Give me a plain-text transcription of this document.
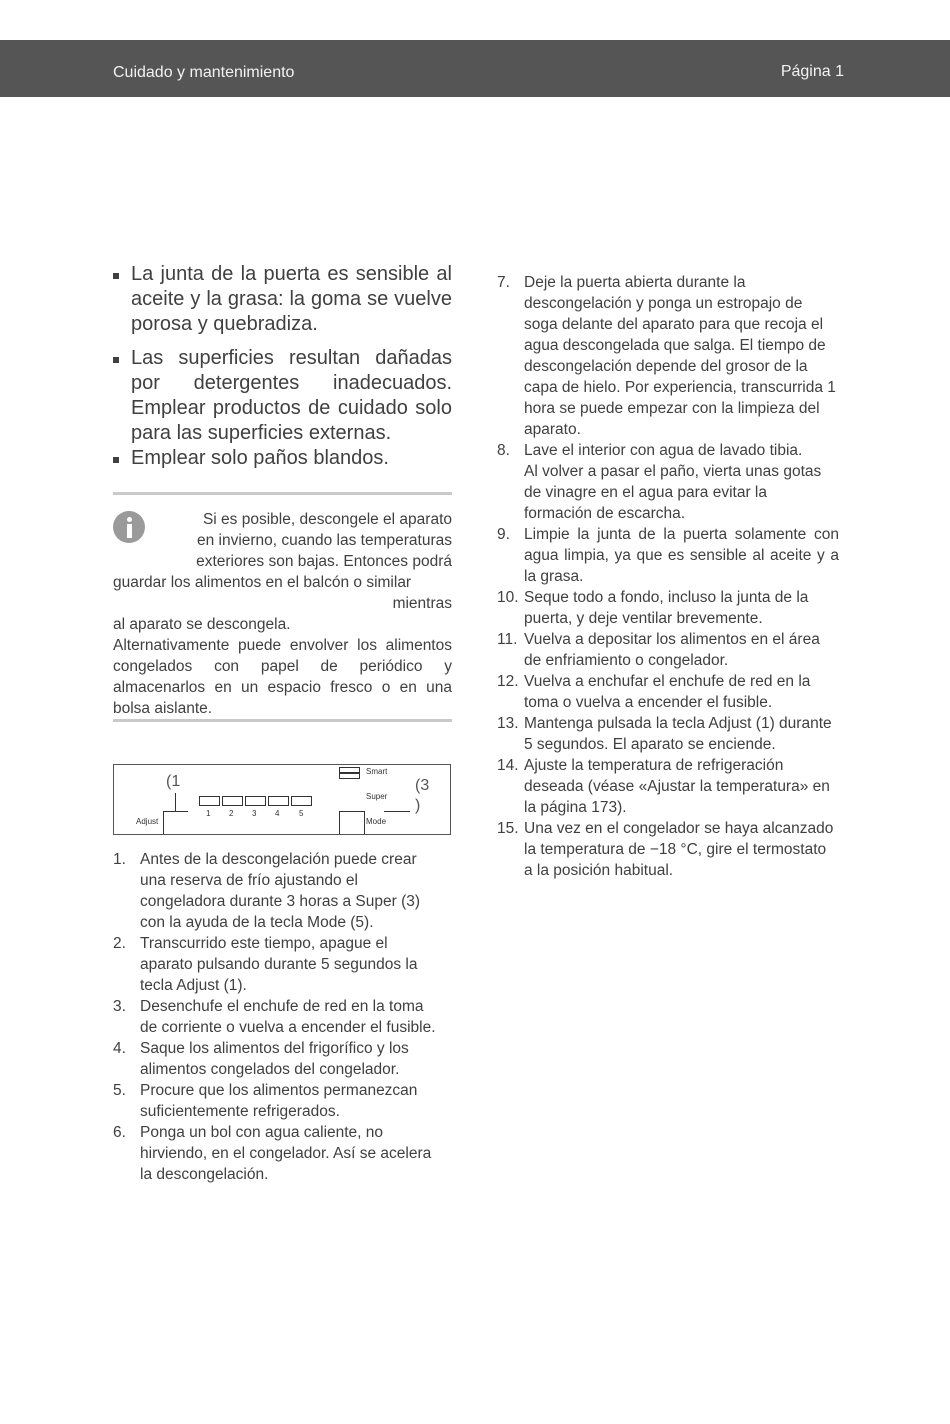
Cuidado y mantenimiento	Página 1
La junta de la puerta es sensible al aceite y la grasa: la goma se vuelve porosa y quebradiza.
Las superficies resultan dañadas por detergentes inadecuados. Emplear productos de cuidado solo para las superficies externas.
Emplear solo paños blandos.
Si es posible, descongele el aparato
en invierno, cuando las temperaturas
exteriores son bajas. Entonces podrá
guardar los alimentos en el balcón o similar
mientras
al aparato se descongela.
Alternativamente puede envolver los alimentos congelados con papel de periódico y almacenarlos en un espacio fresco o en una bolsa aislante.
(1
Adjust
1 2 3 4 5
Smart
Super
Mode
(3
)
1. Antes de la descongelación puede crear una reserva de frío ajustando el congeladora durante 3 horas a Super (3) con la ayuda de la tecla Mode (5).
2. Transcurrido este tiempo, apague el aparato pulsando durante 5 segundos la tecla Adjust (1).
3. Desenchufe el enchufe de red en la toma de corriente o vuelva a encender el fusible.
4. Saque los alimentos del frigorífico y los alimentos congelados del congelador.
5. Procure que los alimentos permanezcan suficientemente refrigerados.
6. Ponga un bol con agua caliente, no hirviendo, en el congelador. Así se acelera la descongelación.
7. Deje la puerta abierta durante la descongelación y ponga un estropajo de soga delante del aparato para que recoja el agua descongelada que salga. El tiempo de descongelación depende del grosor de la capa de hielo. Por experiencia, transcurrida 1 hora se puede empezar con la limpieza del aparato.
8. Lave el interior con agua de lavado tibia.
Al volver a pasar el paño, vierta unas gotas de vinagre en el agua para evitar la formación de escarcha.
9. Limpie la junta de la puerta solamente con agua limpia, ya que es sensible al aceite y a la grasa.
10. Seque todo a fondo, incluso la junta de la puerta, y deje ventilar brevemente.
11. Vuelva a depositar los alimentos en el área de enfriamiento o congelador.
12. Vuelva a enchufar el enchufe de red en la toma o vuelva a encender el fusible.
13. Mantenga pulsada la tecla Adjust (1) durante 5 segundos. El aparato se enciende.
14. Ajuste la temperatura de refrigeración deseada (véase «Ajustar la temperatura» en la página 173).
15. Una vez en el congelador se haya alcanzado la temperatura de −18 °C, gire el termostato a la posición habitual.
